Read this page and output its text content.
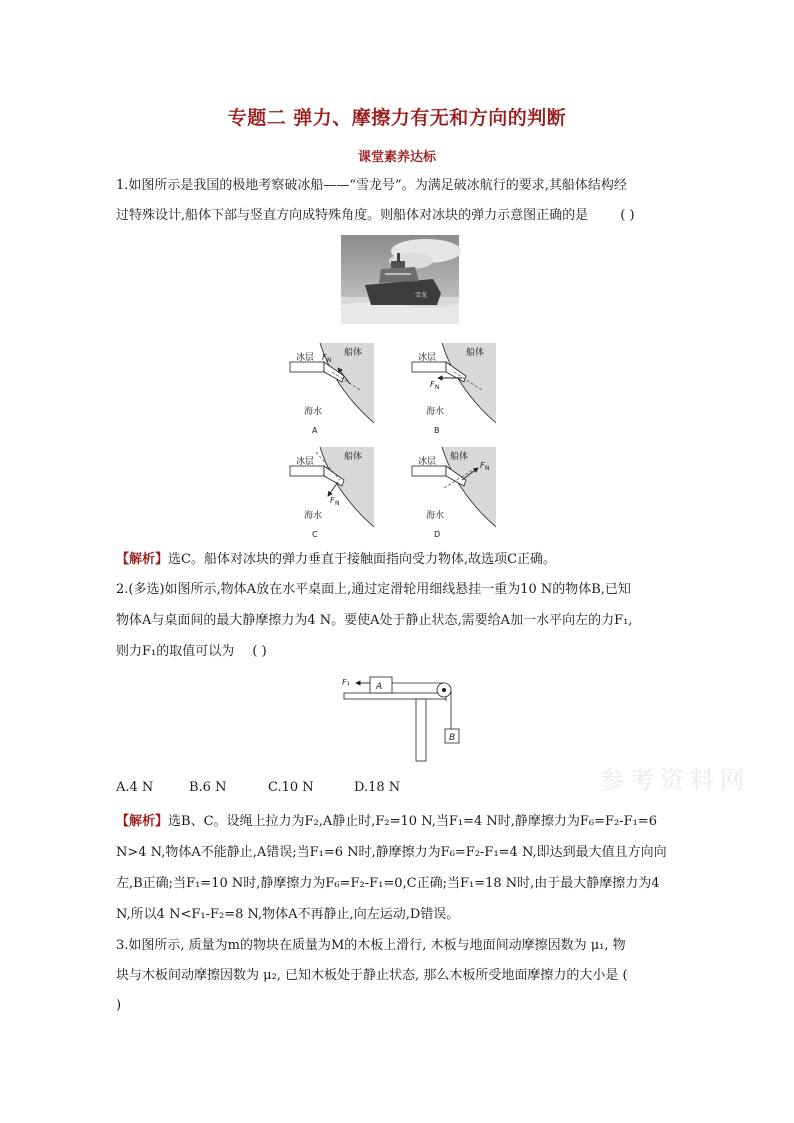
专题二 弹力、摩擦力有无和方向的判断
课堂素养达标
1.如图所示是我国的极地考察破冰船——“雪龙号”。为满足破冰航行的要求,其船体结构经
过特殊设计,船体下部与竖直方向成特殊角度。则船体对冰块的弹力示意图正确的是 ( )
雪龙
冰层	船体
F N
海水
A
冰层	船体
F N
海水
B
冰层	船体
F N
海水
C
冰层 船体
F N
海水
D
【解析】选C。船体对冰块的弹力垂直于接触面指向受力物体,故选项C正确。
2.(多选)如图所示,物体A放在水平桌面上,通过定滑轮用细线悬挂一重为10 N的物体B,已知
物体A与桌面间的最大静摩擦力为4 N。要使A处于静止状态,需要给A加一水平向左的力F₁,
则力F₁的取值可以为 ( )
F₁	A
B
A.4 N	B.6 N	C.10 N	D.18 N	参考资料网
【解析】选B、C。设绳上拉力为F₂,A静止时,F₂=10 N,当F₁=4 N时,静摩擦力为F₆=F₂-F₁=6
N>4 N,物体A不能静止,A错误;当F₁=6 N时,静摩擦力为F₆=F₂-F₁=4 N,即达到最大值且方向向
左,B正确;当F₁=10 N时,静摩擦力为F₆=F₂-F₁=0,C正确;当F₁=18 N时,由于最大静摩擦力为4
N,所以4 N<F₁-F₂=8 N,物体A不再静止,向左运动,D错误。
3.如图所示, 质量为m的物块在质量为M的木板上滑行, 木板与地面间动摩擦因数为 μ₁, 物
块与木板间动摩擦因数为 μ₂, 已知木板处于静止状态, 那么木板所受地面摩擦力的大小是 (
)
